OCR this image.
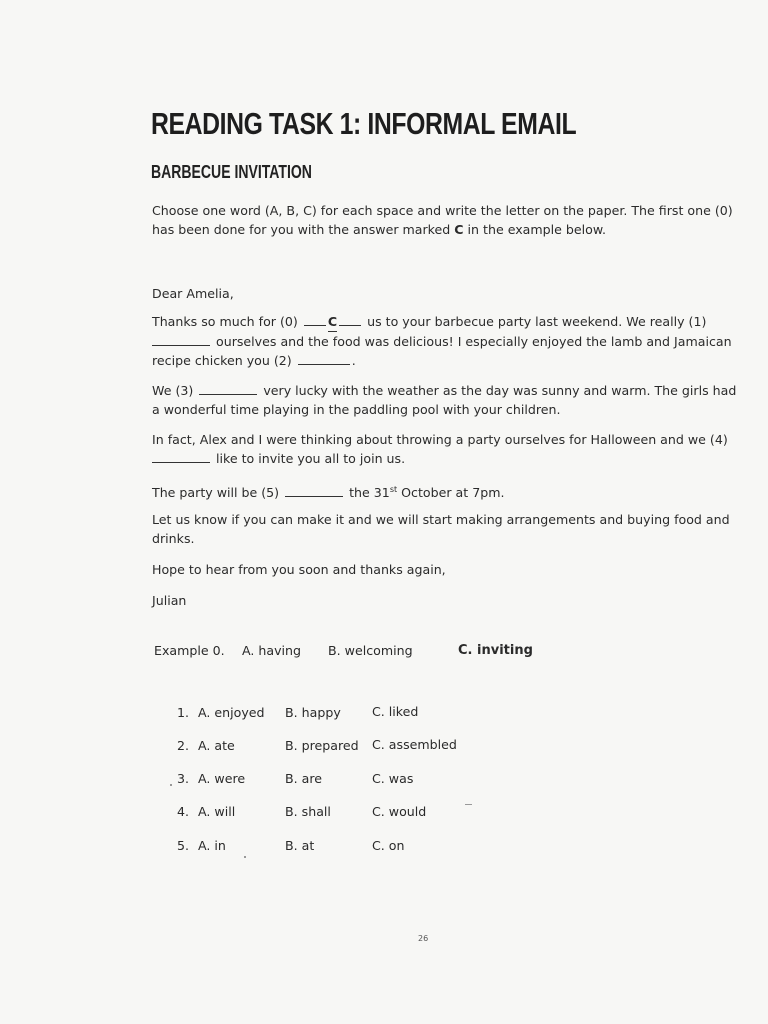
READING TASK 1: INFORMAL EMAIL
BARBECUE INVITATION
Choose one word (A, B, C) for each space and write the letter on the paper. The first one (0)
has been done for you with the answer marked C in the example below.
Dear Amelia,
Thanks so much for (0) C us to your barbecue party last weekend. We really (1)
ourselves and the food was delicious! I especially enjoyed the lamb and Jamaican
recipe chicken you (2)	.
We (3)	very lucky with the weather as the day was sunny and warm. The girls had
a wonderful time playing in the paddling pool with your children.
In fact, Alex and I were thinking about throwing a party ourselves for Halloween and we (4)
like to invite you all to join us.
The party will be (5)	the 31st October at 7pm.
Let us know if you can make it and we will start making arrangements and buying food and
drinks.
Hope to hear from you soon and thanks again,
Julian
Example 0. A. having B. welcoming	C. inviting
1. A. enjoyed B. happy C. liked
2. A. ate	B. prepared C. assembled
3. A. were	B. are	C. was
4. A. will	B. shall	C. would
5. A. in	B. at	C. on
26
